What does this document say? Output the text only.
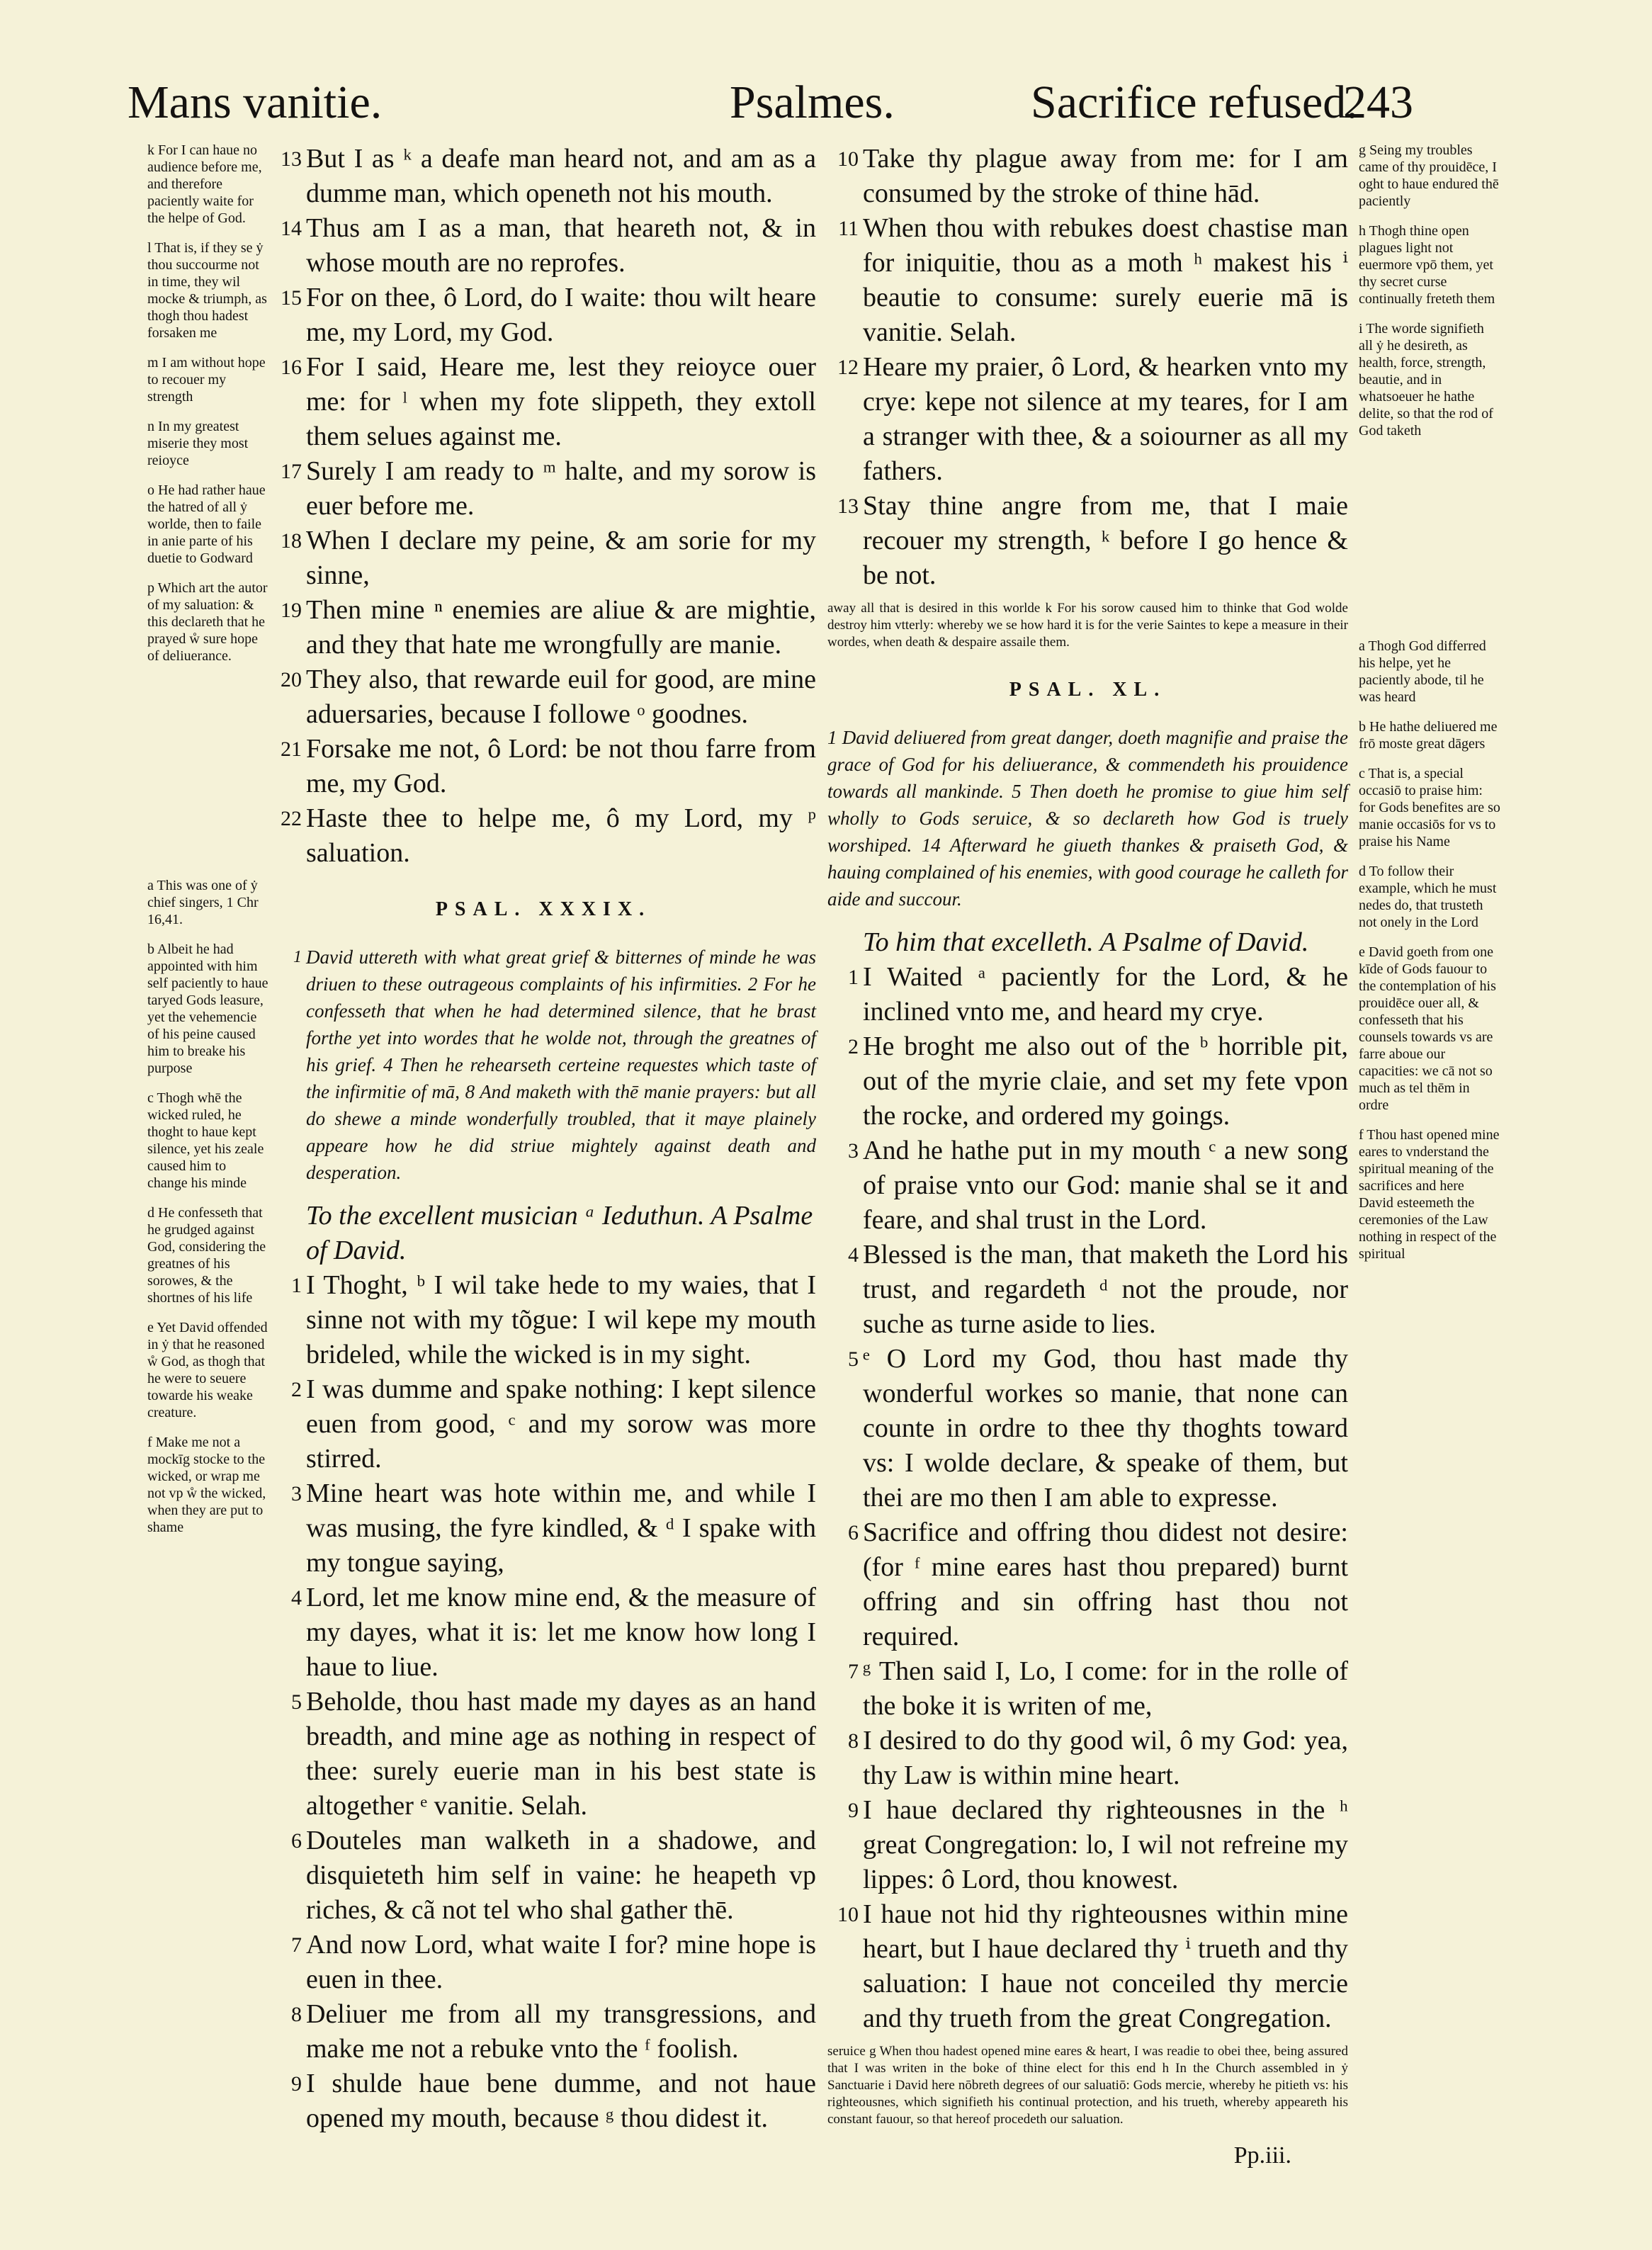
Mans vanitie.	Psalmes.	Sacrifice refused.
243

k For I can haue no audience before me, and therefore paciently waite for the helpe of God.

l That is, if they se ẏ thou succourme not in time, they wil mocke & triumph, as thogh thou hadest forsaken me

m I am without hope to recouer my strength

n In my greatest miserie they most reioyce

o He had rather haue the hatred of all ẏ worlde, then to faile in anie parte of his duetie to Godward

p Which art the autor of my saluation: & this declareth that he prayed ẘ sure hope of deliuerance.

a This was one of ẏ chief singers, 1 Chr 16,41.

b Albeit he had appointed with him self paciently to haue taryed Gods leasure, yet the vehemencie of his peine caused him to breake his purpose

c Thogh whē the wicked ruled, he thoght to haue kept silence, yet his zeale caused him to change his minde

d He confesseth that he grudged against God, considering the greatnes of his sorowes, & the shortnes of his life

e Yet David offended in ẏ that he reasoned ẘ God, as thogh that he were to seuere towarde his weake creature.

f Make me not a mockīg stocke to the wicked, or wrap me not vp ẘ the wicked, when they are put to shame

13 But I as ᵏ a deafe man heard not, and am as a dumme man, which openeth not his mouth.
14 Thus am I as a man, that heareth not, & in whose mouth are no reprofes.
15 For on thee, ô Lord, do I waite: thou wilt heare me, my Lord, my God.
16 For I said, Heare me, lest they reioyce ouer me: for ˡ when my fote slippeth, they extoll them selues against me.
17 Surely I am ready to ᵐ halte, and my sorow is euer before me.
18 When I declare my peine, & am sorie for my sinne,
19 Then mine ⁿ enemies are aliue & are mightie, and they that hate me wrongfully are manie.
20 They also, that rewarde euil for good, are mine aduersaries, because I followe ᵒ goodnes.
21 Forsake me not, ô Lord: be not thou farre from me, my God.
22 Haste thee to helpe me, ô my Lord, my ᵖ saluation.
PSAL. XXXIX.
1 David uttereth with what great grief & bitternes of minde he was driuen to these outrageous complaints of his infirmities. 2 For he confesseth that when he had determined silence, that he brast forthe yet into wordes that he wolde not, through the greatnes of his grief. 4 Then he rehearseth certeine requestes which taste of the infirmitie of mā, 8 And maketh with thē manie prayers: but all do shewe a minde wonderfully troubled, that it maye plainely appeare how he did striue mightely against death and desperation.
To the excellent musician ᵃ Ieduthun. A Psalme of David.
1 I Thoght, ᵇ I wil take hede to my waies, that I sinne not with my tõgue: I wil kepe my mouth brideled, while the wicked is in my sight.
2 I was dumme and spake nothing: I kept silence euen from good, ᶜ and my sorow was more stirred.
3 Mine heart was hote within me, and while I was musing, the fyre kindled, & ᵈ I spake with my tongue saying,
4 Lord, let me know mine end, & the measure of my dayes, what it is: let me know how long I haue to liue.
5 Beholde, thou hast made my dayes as an hand breadth, and mine age as nothing in respect of thee: surely euerie man in his best state is altogether ᵉ vanitie. Selah.
6 Douteles man walketh in a shadowe, and disquieteth him self in vaine: he heapeth vp riches, & cã not tel who shal gather thē.
7 And now Lord, what waite I for? mine hope is euen in thee.
8 Deliuer me from all my transgressions, and make me not a rebuke vnto the ᶠ foolish.
9 I shulde haue bene dumme, and not haue opened my mouth, because ᵍ thou didest it.
10 Take thy plague away from me: for I am consumed by the stroke of thine hād.
11 When thou with rebukes doest chastise man for iniquitie, thou as a moth ʰ makest his ⁱ beautie to consume: surely euerie mā is vanitie. Selah.
12 Heare my praier, ô Lord, & hearken vnto my crye: kepe not silence at my teares, for I am a stranger with thee, & a soiourner as all my fathers.
13 Stay thine angre from me, that I maie recouer my strength, ᵏ before I go hence & be not.
away all that is desired in this worlde k For his sorow caused him to thinke that God wolde destroy him vtterly: whereby we se how hard it is for the verie Saintes to kepe a measure in their wordes, when death & despaire assaile them.
PSAL. XL.
1 David deliuered from great danger, doeth magnifie and praise the grace of God for his deliuerance, & commendeth his prouidence towards all mankinde. 5 Then doeth he promise to giue him self wholly to Gods seruice, & so declareth how God is truely worshiped. 14 Afterward he giueth thankes & praiseth God, & hauing complained of his enemies, with good courage he calleth for aide and succour.
To him that excelleth. A Psalme of David.
1 I Waited ᵃ paciently for the Lord, & he inclined vnto me, and heard my crye.
2 He broght me also out of the ᵇ horrible pit, out of the myrie claie, and set my fete vpon the rocke, and ordered my goings.
3 And he hathe put in my mouth ᶜ a new song of praise vnto our God: manie shal se it and feare, and shal trust in the Lord.
4 Blessed is the man, that maketh the Lord his trust, and regardeth ᵈ not the proude, nor suche as turne aside to lies.
5 ᵉ O Lord my God, thou hast made thy wonderful workes so manie, that none can counte in ordre to thee thy thoghts toward vs: I wolde declare, & speake of them, but thei are mo then I am able to expresse.
6 Sacrifice and offring thou didest not desire: (for ᶠ mine eares hast thou prepared) burnt offring and sin offring hast thou not required.
7 ᵍ Then said I, Lo, I come: for in the rolle of the boke it is writen of me,
8 I desired to do thy good wil, ô my God: yea, thy Law is within mine heart.
9 I haue declared thy righteousnes in the ʰ great Congregation: lo, I wil not refreine my lippes: ô Lord, thou knowest.
10 I haue not hid thy righteousnes within mine heart, but I haue declared thy ⁱ trueth and thy saluation: I haue not conceiled thy mercie and thy trueth from the great Congregation.
seruice g When thou hadest opened mine eares & heart, I was readie to obei thee, being assured that I was writen in the boke of thine elect for this end h In the Church assembled in ẏ Sanctuarie i David here nōbreth degrees of our saluatiō: Gods mercie, whereby he pitieth vs: his righteousnes, which signifieth his continual protection, and his trueth, whereby appeareth his constant fauour, so that hereof procedeth our saluation.
Pp.iii.

g Seing my troubles came of thy prouidēce, I oght to haue endured thē paciently

h Thogh thine open plagues light not euermore vpō them, yet thy secret curse continually freteth them

i The worde signifieth all ẏ he desireth, as health, force, strength, beautie, and in whatsoeuer he hathe delite, so that the rod of God taketh

a Thogh God differred his helpe, yet he paciently abode, til he was heard

b He hathe deliuered me frō moste great dāgers

c That is, a special occasiō to praise him: for Gods benefites are so manie occasiōs for vs to praise his Name

d To follow their example, which he must nedes do, that trusteth not onely in the Lord

e David goeth from one kīde of Gods fauour to the contemplation of his prouidēce ouer all, & confesseth that his counsels towards vs are farre aboue our capacities: we cā not so much as tel thēm in ordre

f Thou hast opened mine eares to vnderstand the spiritual meaning of the sacrifices and here David esteemeth the ceremonies of the Law nothing in respect of the spiritual
